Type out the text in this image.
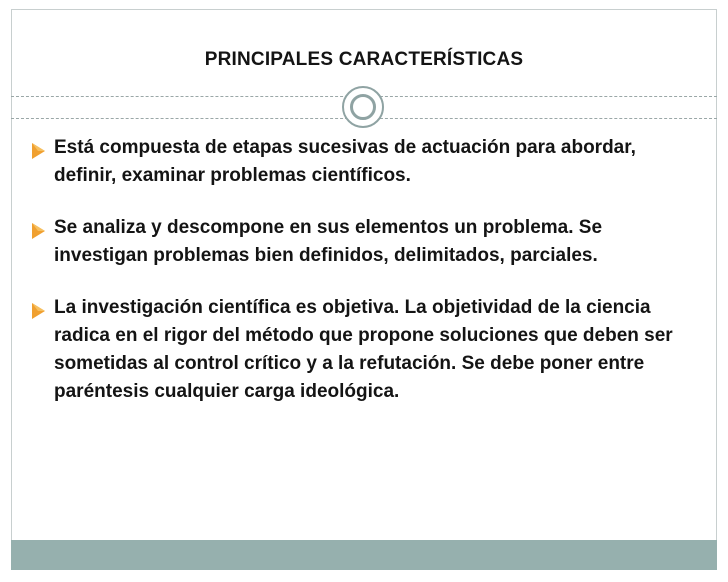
PRINCIPALES CARACTERÍSTICAS
Está compuesta de etapas sucesivas de actuación para abordar, definir, examinar problemas científicos.
Se analiza y descompone en sus elementos un problema. Se investigan problemas bien definidos, delimitados, parciales.
La investigación científica es objetiva. La objetividad de la ciencia radica en el rigor del método que propone soluciones que deben ser sometidas al control crítico y a la refutación. Se debe poner entre paréntesis cualquier carga ideológica.
